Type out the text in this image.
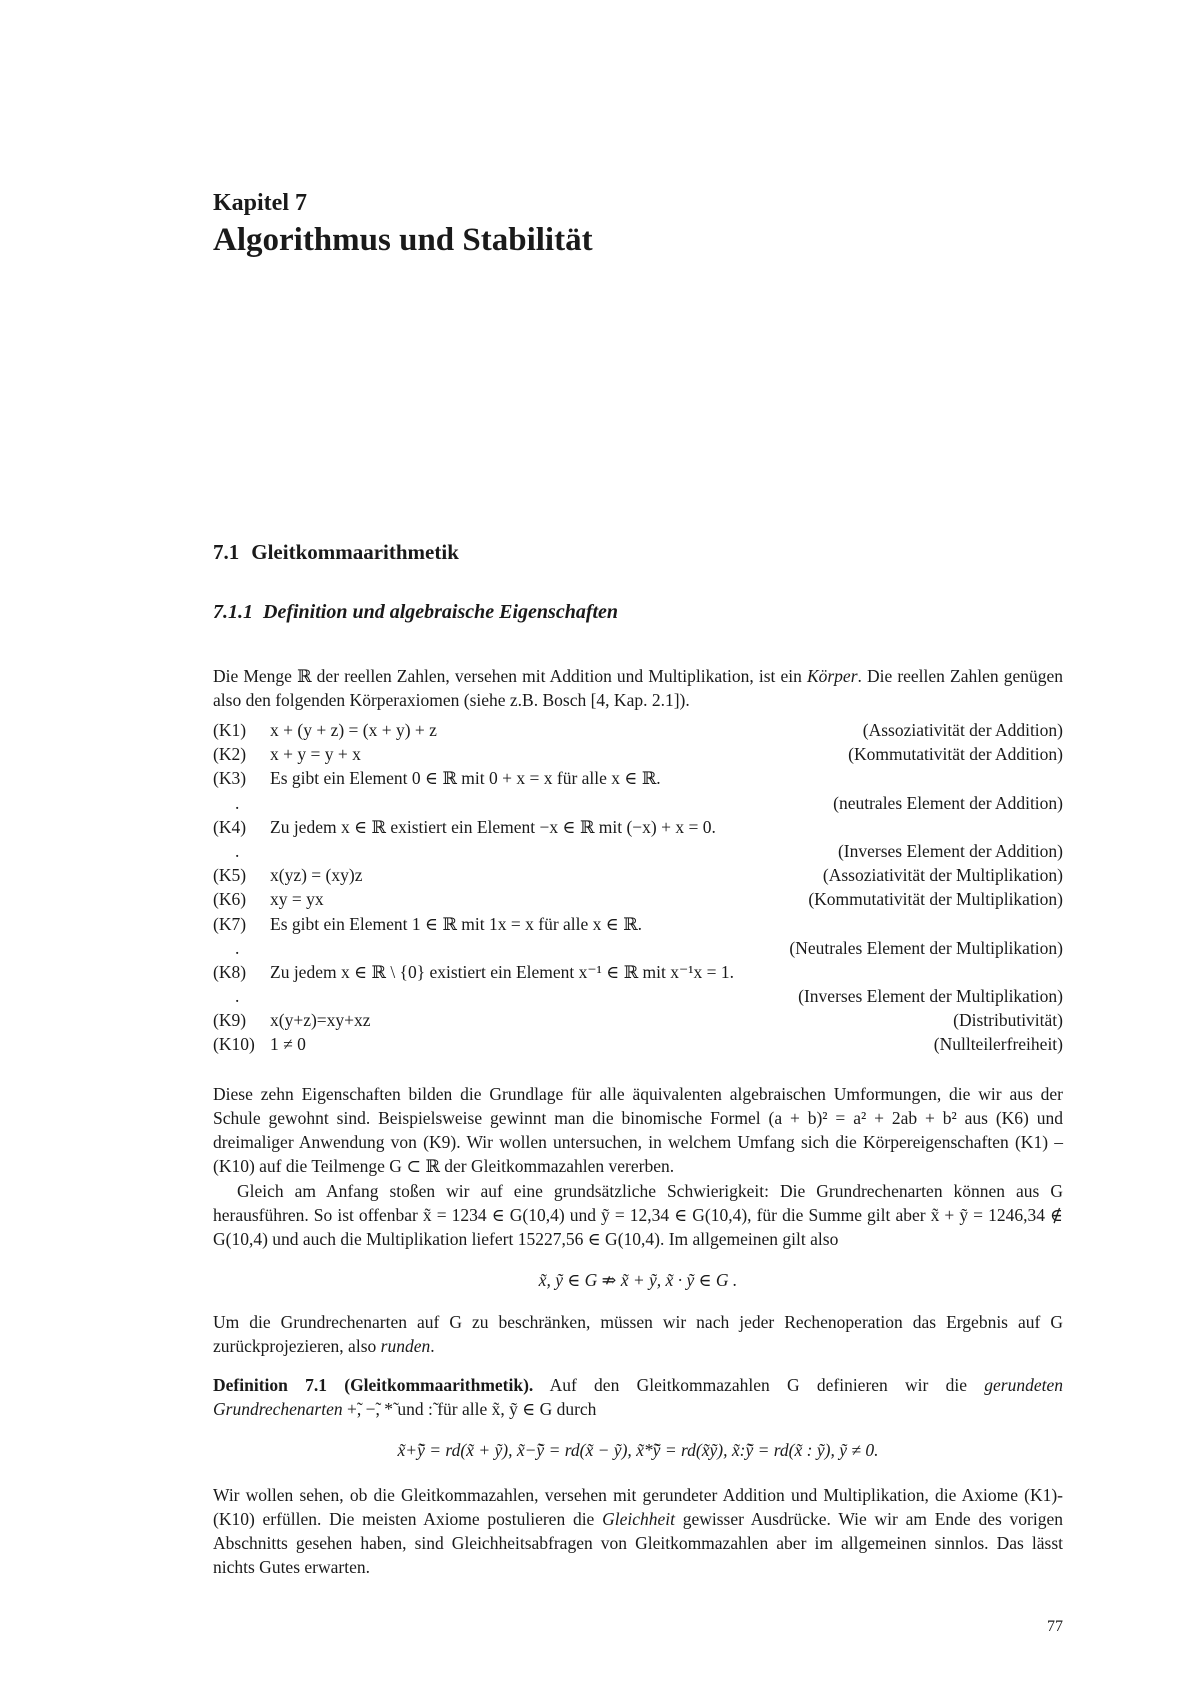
Kapitel 7
Algorithmus und Stabilität
7.1 Gleitkommaarithmetik
7.1.1 Definition und algebraische Eigenschaften
Die Menge ℝ der reellen Zahlen, versehen mit Addition und Multiplikation, ist ein Körper. Die reellen Zahlen genügen also den folgenden Körperaxiomen (siehe z.B. Bosch [4, Kap. 2.1]).
(K1) x + (y + z) = (x + y) + z	(Assoziativität der Addition)
(K2) x + y = y + x	(Kommutativität der Addition)
(K3) Es gibt ein Element 0 ∈ ℝ mit 0 + x = x für alle x ∈ ℝ.
.	(neutrales Element der Addition)
(K4) Zu jedem x ∈ ℝ existiert ein Element −x ∈ ℝ mit (−x) + x = 0.
.	(Inverses Element der Addition)
(K5) x(yz) = (xy)z	(Assoziativität der Multiplikation)
(K6) xy = yx	(Kommutativität der Multiplikation)
(K7) Es gibt ein Element 1 ∈ ℝ mit 1x = x für alle x ∈ ℝ.
.	(Neutrales Element der Multiplikation)
(K8) Zu jedem x ∈ ℝ \ {0} existiert ein Element x⁻¹ ∈ ℝ mit x⁻¹x = 1.
.	(Inverses Element der Multiplikation)
(K9) x(y+z)=xy+xz	(Distributivität)
(K10) 1 ≠ 0	(Nullteilerfreiheit)
Diese zehn Eigenschaften bilden die Grundlage für alle äquivalenten algebraischen Umformungen, die wir aus der Schule gewohnt sind. Beispielsweise gewinnt man die binomische Formel (a + b)² = a² + 2ab + b² aus (K6) und dreimaliger Anwendung von (K9). Wir wollen untersuchen, in welchem Umfang sich die Körpereigenschaften (K1) – (K10) auf die Teilmenge G ⊂ ℝ der Gleitkommazahlen vererben.
Gleich am Anfang stoßen wir auf eine grundsätzliche Schwierigkeit: Die Grundrechenarten können aus G herausführen. So ist offenbar x̃ = 1234 ∈ G(10,4) und ỹ = 12,34 ∈ G(10,4), für die Summe gilt aber x̃ + ỹ = 1246,34 ∉ G(10,4) und auch die Multiplikation liefert 15227,56 ∈ G(10,4). Im allgemeinen gilt also
x̃, ỹ ∈ G ⇏ x̃ + ỹ, x̃ · ỹ ∈ G .
Um die Grundrechenarten auf G zu beschränken, müssen wir nach jeder Rechenoperation das Ergebnis auf G zurückprojezieren, also runden.
Definition 7.1 (Gleitkommaarithmetik). Auf den Gleitkommazahlen G definieren wir die gerundeten Grundrechenarten +̃, −̃, *̃ und :̃ für alle x̃, ỹ ∈ G durch
x̃+̃ỹ = rd(x̃ + ỹ), x̃−̃ỹ = rd(x̃ − ỹ), x̃*̃ỹ = rd(x̃ỹ), x̃:̃ỹ = rd(x̃ : ỹ), ỹ ≠ 0.
Wir wollen sehen, ob die Gleitkommazahlen, versehen mit gerundeter Addition und Multiplikation, die Axiome (K1)-(K10) erfüllen. Die meisten Axiome postulieren die Gleichheit gewisser Ausdrücke. Wie wir am Ende des vorigen Abschnitts gesehen haben, sind Gleichheitsabfragen von Gleitkommazahlen aber im allgemeinen sinnlos. Das lässt nichts Gutes erwarten.
77
